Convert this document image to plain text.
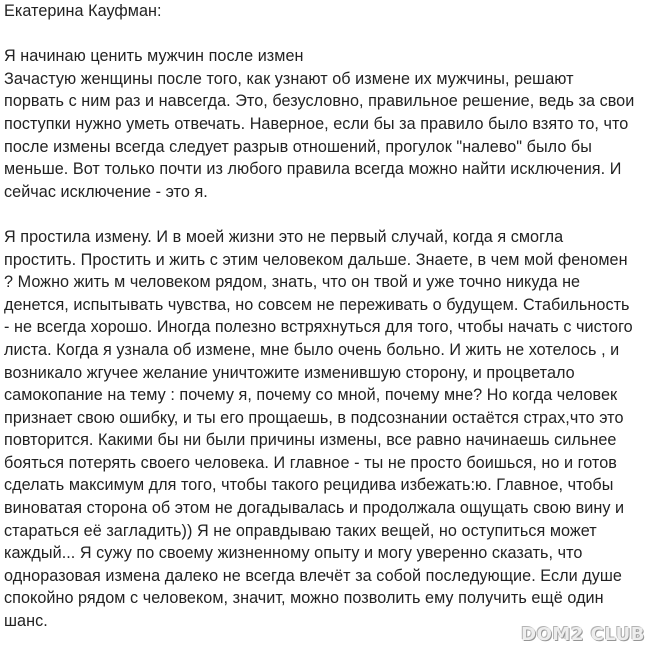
Екатерина Кауфман:
Я начинаю ценить мужчин после измен
Зачастую женщины после того, как узнают об измене их мужчины, решают
порвать с ним раз и навсегда. Это, безусловно, правильное решение, ведь за свои
поступки нужно уметь отвечать. Наверное, если бы за правило было взято то, что
после измены всегда следует разрыв отношений, прогулок "налево" было бы
меньше. Вот только почти из любого правила всегда можно найти исключения. И
сейчас исключение - это я.
Я простила измену. И в моей жизни это не первый случай, когда я смогла
простить. Простить и жить с этим человеком дальше. Знаете, в чем мой феномен
? Можно жить м человеком рядом, знать, что он твой и уже точно никуда не
денется, испытывать чувства, но совсем не переживать о будущем. Стабильность
- не всегда хорошо. Иногда полезно встряхнуться для того, чтобы начать с чистого
листа. Когда я узнала об измене, мне было очень больно. И жить не хотелось , и
возникало жгучее желание уничтожите изменившую сторону, и процветало
самокопание на тему : почему я, почему со мной, почему мне? Но когда человек
признает свою ошибку, и ты его прощаешь, в подсознании остаётся страх,что это
повторится. Какими бы ни были причины измены, все равно начинаешь сильнее
бояться потерять своего человека. И главное - ты не просто боишься, но и готов
сделать максимум для того, чтобы такого рецидива избежать:ю. Главное, чтобы
виноватая сторона об этом не догадывалась и продолжала ощущать свою вину и
стараться её загладить)) Я не оправдываю таких вещей, но оступиться может
каждый... Я сужу по своему жизненному опыту и могу уверенно сказать, что
одноразовая измена далеко не всегда влечёт за собой последующие. Если душе
спокойно рядом с человеком, значит, можно позволить ему получить ещё один
шанс.
DOM2 CLUB
